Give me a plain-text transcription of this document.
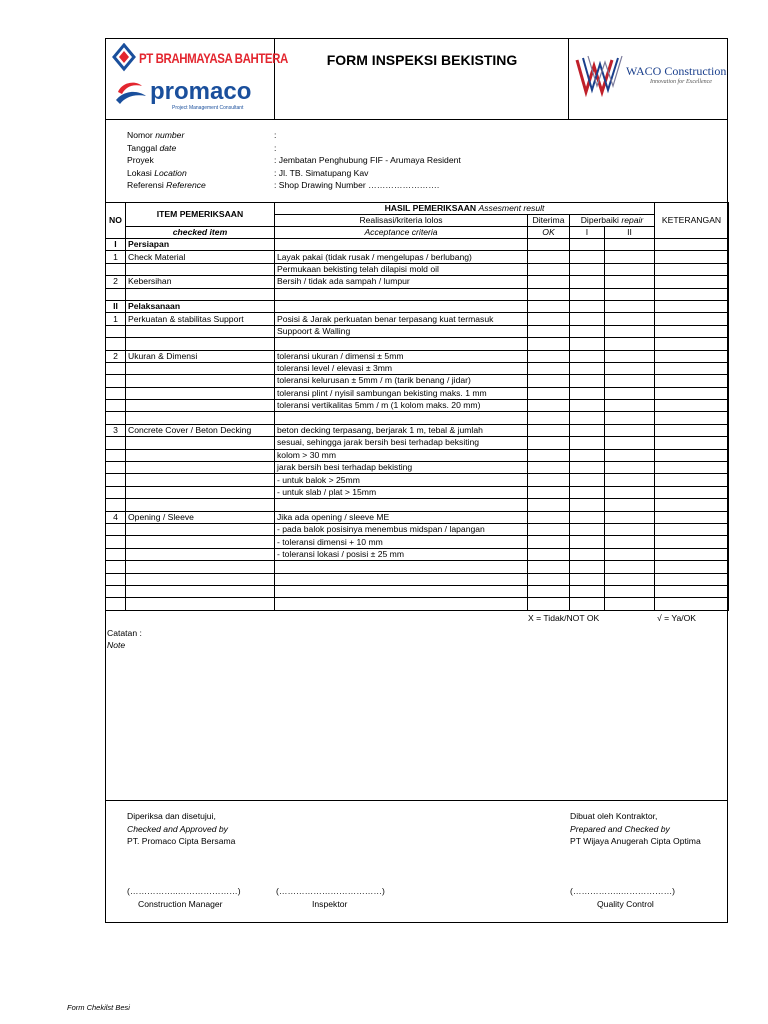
PT BRAHMAYASA BAHTERA
promaco
Project Management Consultant
FORM INSPEKSI BEKISTING
WACO Construction
Innovation for Excellence
Nomor number	:
Tanggal date	:
Proyek	: Jembatan Penghubung FIF - Arumaya Resident
Lokasi Location	: Jl. TB. Simatupang Kav
Referensi Reference	: Shop Drawing Number …………………….
NO	ITEM PEMERIKSAAN	HASIL PEMERIKSAAN Assesment result				KETERANGAN
		Realisasi/kriteria lolos	Diterima	Diperbaiki repair		
	checked item	Acceptance criteria	OK	I	II	
I	Persiapan					
1	Check Material	Layak pakai (tidak rusak / mengelupas / berlubang)				
		Permukaan bekisting telah dilapisi mold oil				
2	Kebersihan	Bersih / tidak ada sampah / lumpur				

II	Pelaksanaan					
1	Perkuatan & stabilitas Support	Posisi & Jarak perkuatan benar terpasang kuat termasuk				
		Suppoort & Walling				

2	Ukuran & Dimensi	toleransi ukuran / dimensi ± 5mm				
		toleransi level / elevasi ± 3mm				
		toleransi kelurusan ± 5mm / m (tarik benang / jidar)				
		toleransi plint / nyisil sambungan bekisting maks. 1 mm				
		toleransi vertikalitas 5mm / m (1 kolom maks. 20 mm)				

3	Concrete Cover / Beton Decking	beton decking terpasang, berjarak 1 m, tebal & jumlah				
		sesuai, sehingga jarak bersih besi terhadap beksiting				
		kolom > 30 mm				
		jarak bersih besi terhadap bekisting				
		- untuk balok > 25mm				
		- untuk slab / plat > 15mm				

4	Opening / Sleeve	Jika ada opening / sleeve ME				
		- pada balok posisinya menembus midspan / lapangan				
		- toleransi dimensi + 10 mm				
		- toleransi lokasi / posisi ± 25 mm				

X = Tidak/NOT OK	√ = Ya/OK
Catatan :
Note
Diperiksa dan disetujui,
Checked and Approved by
PT. Promaco Cipta Bersama
Dibuat oleh Kontraktor,
Prepared and Checked by
PT Wijaya Anugerah Cipta Optima
(……………..…………………)	(………………………………)	(……………..………………)
Construction Manager	Inspektor	Quality Control
Form Chekilst Besi
